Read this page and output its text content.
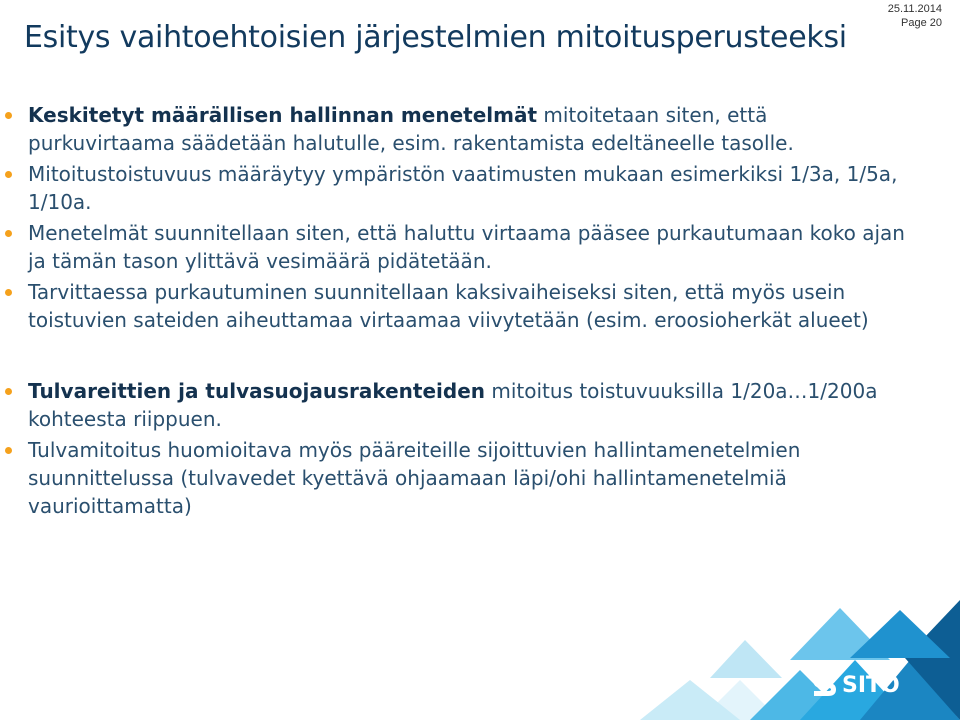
25.11.2014
Page 20
Esitys vaihtoehtoisien järjestelmien mitoitusperusteeksi
Keskitetyt määrällisen hallinnan menetelmät mitoitetaan siten, että purkuvirtaama säädetään halutulle, esim. rakentamista edeltäneelle tasolle.
Mitoitustoistuvuus määräytyy ympäristön vaatimusten mukaan esimerkiksi 1/3a, 1/5a, 1/10a.
Menetelmät suunnitellaan siten, että haluttu virtaama pääsee purkautumaan koko ajan ja tämän tason ylittävä vesimäärä pidätetään.
Tarvittaessa purkautuminen suunnitellaan kaksivaiheiseksi siten, että myös usein toistuvien sateiden aiheuttamaa virtaamaa viivytetään (esim. eroosioherkät alueet)
Tulvareittien ja tulvasuojausrakenteiden mitoitus toistuvuuksilla 1/20a…1/200a kohteesta riippuen.
Tulvamitoitus huomioitava myös pääreiteille sijoittuvien hallintamenetelmien suunnittelussa (tulvavedet kyettävä ohjaamaan läpi/ohi hallintamenetelmiä vaurioittamatta)
SITO
